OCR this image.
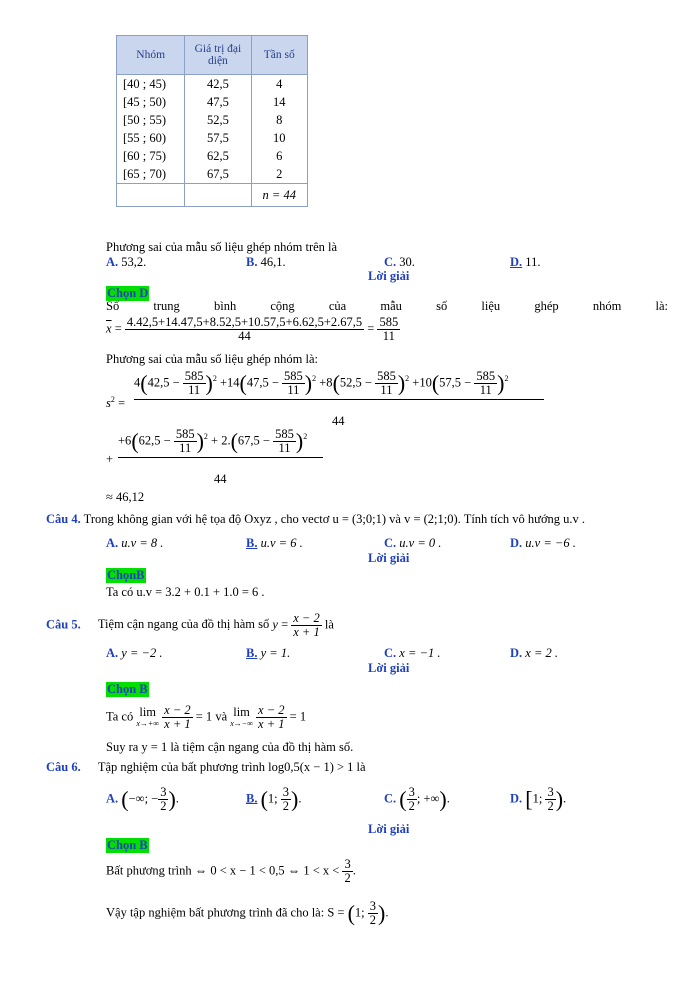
Nhóm	Giá trị đại diện	Tần số
[40 ; 45)	42,5	4
[45 ; 50)	47,5	14
[50 ; 55)	52,5	8
[55 ; 60)	57,5	10
[60 ; 75)	62,5	6
[65 ; 70)	67,5	2
		n = 44
Phương sai của mẫu số liệu ghép nhóm trên là
A. 53,2.	B. 46,1.	C. 30.	D. 11.
Lời giải
Chọn D
Số trung bình cộng của mẫu số liệu ghép nhóm là:
$\overline{x} = \frac{4.42,5+14.47,5+8.52,5+10.57,5+6.62,5+2.67,5}{44} = \frac{585}{11}$
Phương sai của mẫu số liệu ghép nhóm là:
$s^2$ =
$4(42,5 - \frac{585}{11} )^2 +14(47,5 - \frac{585}{11} )^2 +8(52,5 - \frac{585}{11} )^2 +10(57,5 - \frac{585}{11} )^2$
44
+
$+6(62,5 - \frac{585}{11} )^2 + 2.(67,5 - \frac{585}{11} )^2$
44
≈ 46,12
Câu 4. Trong không gian với hệ tọa độ Oxyz , cho vectơ u = (3;0;1) và v = (2;1;0). Tính tích vô hướng u.v .
A. u.v = 8 .	B. u.v = 6 .	C. u.v = 0 .	D. u.v = −6 .
Lời giải
ChọnB
Ta có u.v = 3.2 + 0.1 + 1.0 = 6 .
Câu 5. Tiệm cận ngang của đồ thị hàm số $y = \frac{x - 2}{x + 1}$ là
A. y = −2 .	B. y = 1.	C. x = −1 .	D. x = 2 .
Lời giải
Chọn B
Ta có lim
x→+∞
$\frac{x - 2}{x + 1} = 1$ và lim
x→−∞
$\frac{x - 2}{x + 1} = 1$
Suy ra y = 1 là tiệm cận ngang của đồ thị hàm số.
Câu 6. Tập nghiệm của bất phương trình log0,5(x − 1) > 1 là
A. (−∞; − $\frac{3}{2}$ ).	B. (1; $\frac{3}{2}$ ).	C. ( $\frac{3}{2}$ ; +∞).	D. [1; $\frac{3}{2}$ ).
Lời giải
Chọn B
Bất phương trình ⇔ 0 < x − 1 < 0,5 ⇔ $1 < x < \frac{3}{2}$ .
Vậy tập nghiệm bất phương trình đã cho là: S = (1; $\frac{3}{2}$ ).
